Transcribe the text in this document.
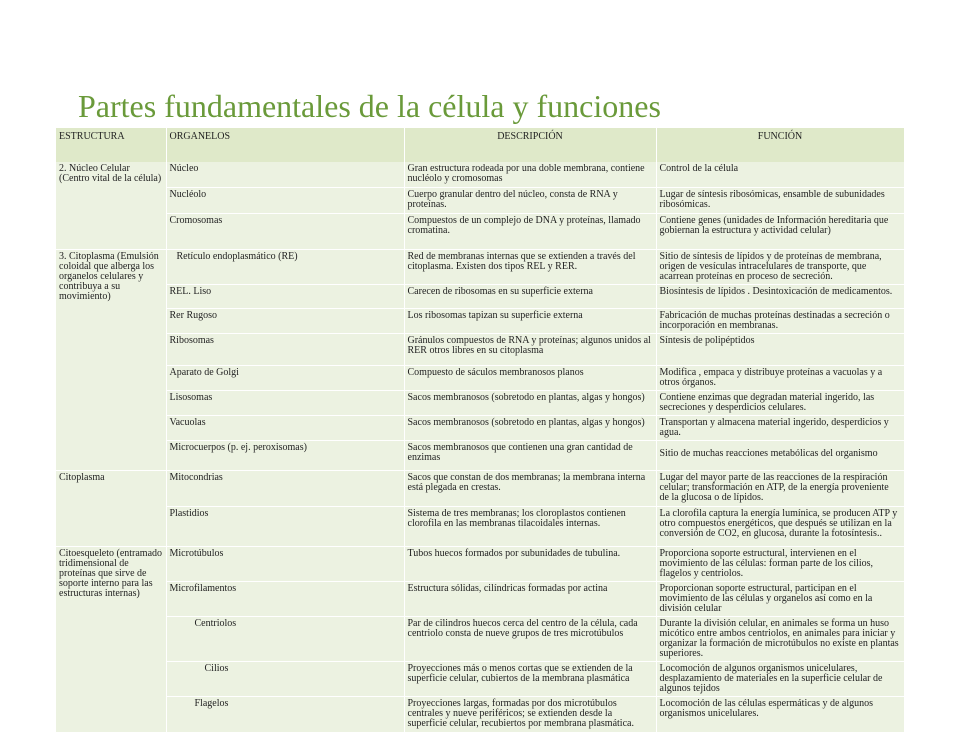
Partes fundamentales de la célula y funciones
ESTRUCTURA	ORGANELOS	DESCRIPCIÓN	FUNCIÓN
2. Núcleo Celular (Centro vital de la célula)	Núcleo	Gran estructura rodeada por una doble membrana, contiene nucléolo y cromosomas	Control de la célula
	Nucléolo	Cuerpo granular dentro del núcleo, consta de RNA y proteínas.	Lugar de síntesis ribosómicas, ensamble de subunidades ribosómicas.
	Cromosomas	Compuestos de un complejo de DNA y proteínas, llamado cromatina.	Contiene genes (unidades de Información hereditaria que gobiernan la estructura y actividad celular)
3. Citoplasma (Emulsión coloidal que alberga los organelos celulares y contribuya a su movimiento)	Retículo endoplasmático (RE)	Red de membranas internas que se extienden a través del citoplasma. Existen dos tipos REL y RER.	Sitio de síntesis de lípidos y de proteínas de membrana, origen de vesículas intracelulares de transporte, que acarrean proteínas en proceso de secreción.
	REL. Liso	Carecen de ribosomas en su superficie externa	Biosíntesis de lípidos . Desintoxicación de medicamentos.
	Rer Rugoso	Los ribosomas tapizan su superficie externa	Fabricación de muchas proteínas destinadas a secreción o incorporación en membranas.
	Ribosomas	Gránulos compuestos de RNA y proteínas; algunos unidos al RER otros libres en su citoplasma	Síntesis de polipéptidos
	Aparato de Golgi	Compuesto de sáculos membranosos planos	Modifica , empaca y distribuye proteínas a vacuolas y a otros órganos.
	Lisosomas	Sacos membranosos (sobretodo en plantas, algas y hongos)	Contiene enzimas que degradan material ingerido, las secreciones y desperdicios celulares.
	Vacuolas	Sacos membranosos (sobretodo en plantas, algas y hongos)	Transportan y almacena material ingerido, desperdicios y agua.
	Microcuerpos (p. ej. peroxisomas)	Sacos membranosos que contienen una gran cantidad de enzimas	Sitio de muchas reacciones metabólicas del organismo
Citoplasma	Mitocondrias	Sacos que constan de dos membranas; la membrana interna está plegada en crestas.	Lugar del mayor parte de las reacciones de la respiración celular; transformación en ATP, de la energía proveniente de la glucosa o de lípidos.
	Plastidios	Sistema de tres membranas; los cloroplastos contienen clorofila en las membranas tilacoidales internas.	La clorofila captura la energía lumínica, se producen ATP y otro compuestos energéticos, que después se utilizan en la conversión de CO2, en glucosa, durante la fotosíntesis..
Citoesqueleto (entramado tridimensional de proteínas que sirve de soporte interno para las estructuras internas)	Microtúbulos	Tubos huecos formados por subunidades de tubulina.	Proporciona soporte estructural, intervienen en el movimiento de las células: forman parte de los cilios, flagelos y centriolos.
	Microfilamentos	Estructura sólidas, cilíndricas formadas por actina	Proporcionan soporte estructural, participan en el movimiento de las células y organelos así como en la división celular
	Centriolos	Par de cilindros huecos cerca del centro de la célula, cada centriolo consta de nueve grupos de tres microtúbulos	Durante la división celular, en animales se forma un huso micótico entre ambos centriolos, en animales para iniciar y organizar la formación de microtúbulos no existe en plantas superiores.
	Cilios	Proyecciones más o menos cortas que se extienden de la superficie celular, cubiertos de la membrana plasmática	Locomoción de algunos organismos unicelulares, desplazamiento de materiales en la superficie celular de algunos tejidos
	Flagelos	Proyecciones largas, formadas por dos microtúbulos centrales y nueve periféricos; se extienden desde la superficie celular, recubiertos por membrana plasmática.	Locomoción de las células espermáticas y de algunos organismos unicelulares.
